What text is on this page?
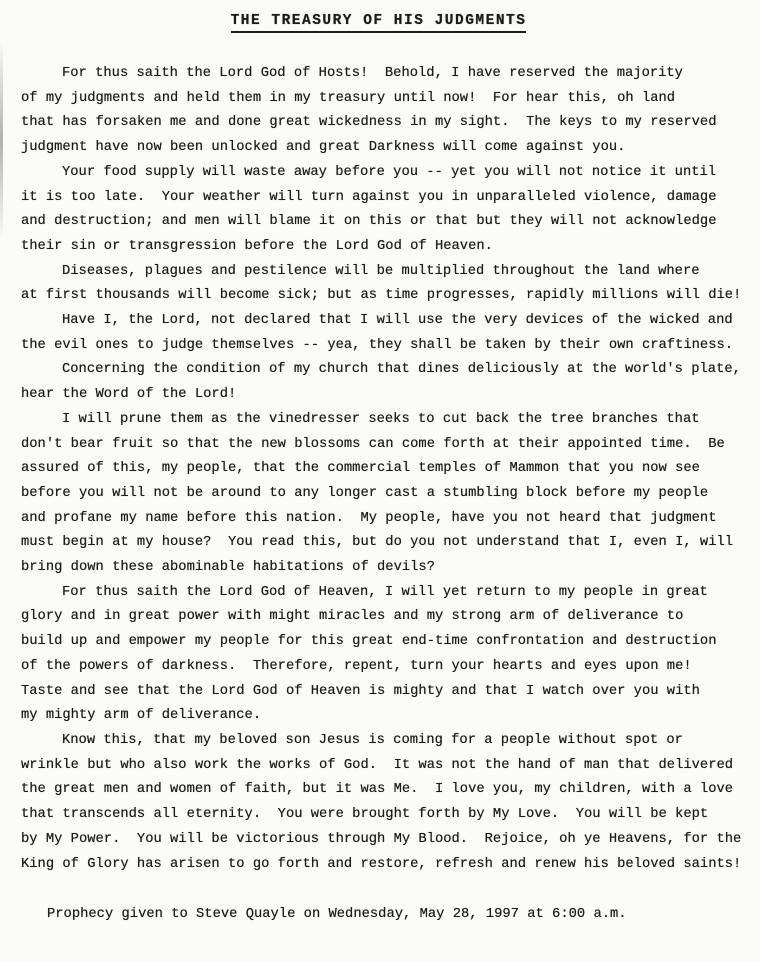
THE TREASURY OF HIS JUDGMENTS

For thus saith the Lord God of Hosts!  Behold, I have reserved the majority
of my judgments and held them in my treasury until now!  For hear this, oh land
that has forsaken me and done great wickedness in my sight.  The keys to my reserved
judgment have now been unlocked and great Darkness will come against you.

Your food supply will waste away before you -- yet you will not notice it until
it is too late.  Your weather will turn against you in unparalleled violence, damage
and destruction; and men will blame it on this or that but they will not acknowledge
their sin or transgression before the Lord God of Heaven.

Diseases, plagues and pestilence will be multiplied throughout the land where
at first thousands will become sick; but as time progresses, rapidly millions will die!

Have I, the Lord, not declared that I will use the very devices of the wicked and
the evil ones to judge themselves -- yea, they shall be taken by their own craftiness.

Concerning the condition of my church that dines deliciously at the world's plate,
hear the Word of the Lord!

I will prune them as the vinedresser seeks to cut back the tree branches that
don't bear fruit so that the new blossoms can come forth at their appointed time.  Be
assured of this, my people, that the commercial temples of Mammon that you now see
before you will not be around to any longer cast a stumbling block before my people
and profane my name before this nation.  My people, have you not heard that judgment
must begin at my house?  You read this, but do you not understand that I, even I, will
bring down these abominable habitations of devils?

For thus saith the Lord God of Heaven, I will yet return to my people in great
glory and in great power with might miracles and my strong arm of deliverance to
build up and empower my people for this great end-time confrontation and destruction
of the powers of darkness.  Therefore, repent, turn your hearts and eyes upon me!
Taste and see that the Lord God of Heaven is mighty and that I watch over you with
my mighty arm of deliverance.

Know this, that my beloved son Jesus is coming for a people without spot or
wrinkle but who also work the works of God.  It was not the hand of man that delivered
the great men and women of faith, but it was Me.  I love you, my children, with a love
that transcends all eternity.  You were brought forth by My Love.  You will be kept
by My Power.  You will be victorious through My Blood.  Rejoice, oh ye Heavens, for the
King of Glory has arisen to go forth and restore, refresh and renew his beloved saints!

Prophecy given to Steve Quayle on Wednesday, May 28, 1997 at 6:00 a.m.
